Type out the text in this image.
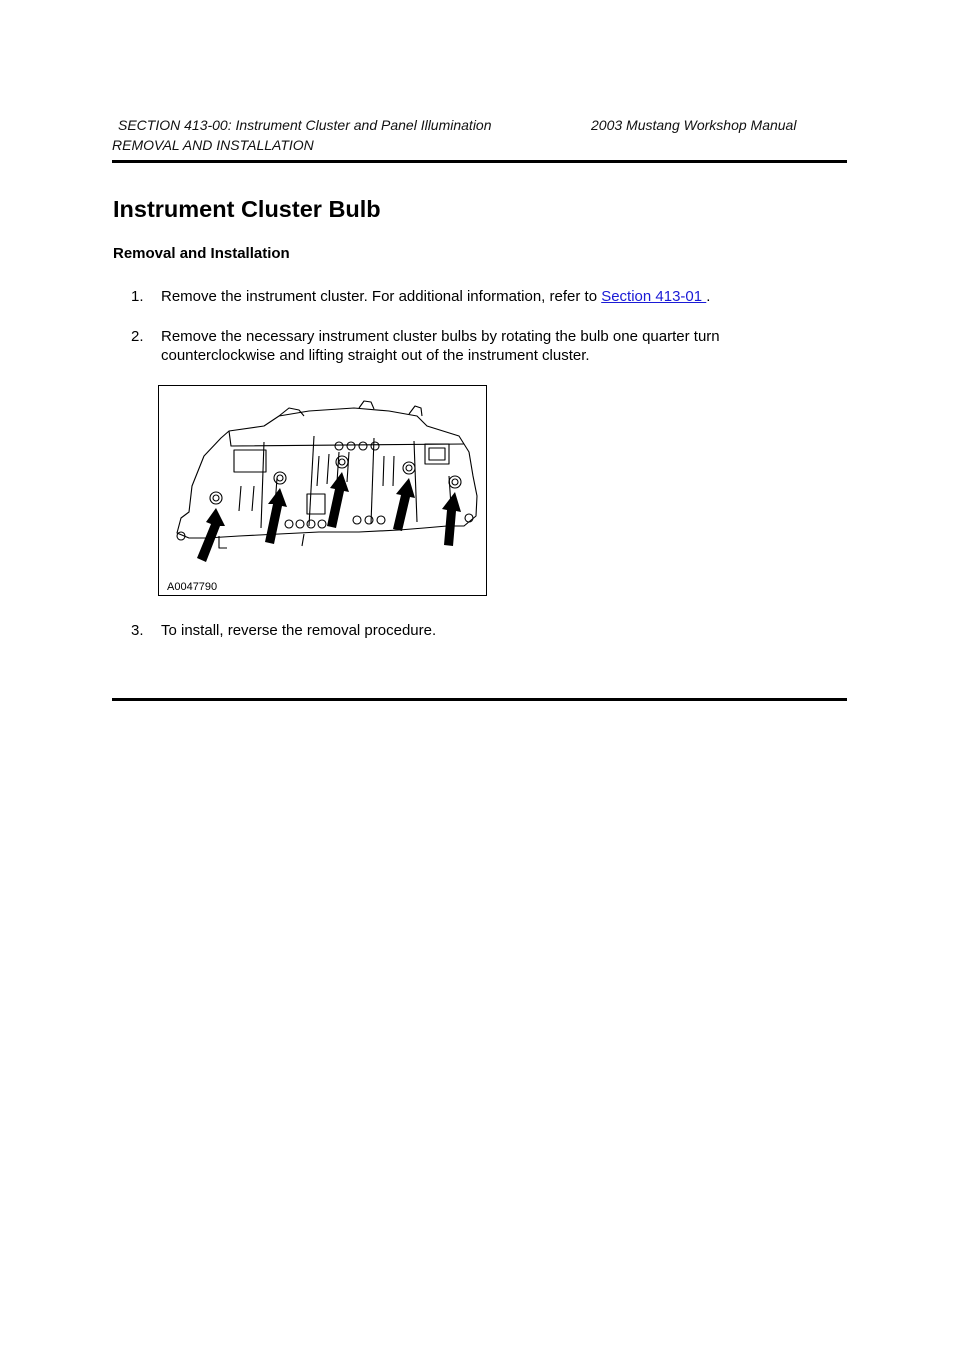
SECTION 413-00: Instrument Cluster and Panel Illumination	2003 Mustang Workshop Manual
REMOVAL AND INSTALLATION
Instrument Cluster Bulb
Removal and Installation
1. Remove the instrument cluster. For additional information, refer to Section 413-01 .
2. Remove the necessary instrument cluster bulbs by rotating the bulb one quarter turn counterclockwise and lifting straight out of the instrument cluster.
A0047790
3. To install, reverse the removal procedure.
